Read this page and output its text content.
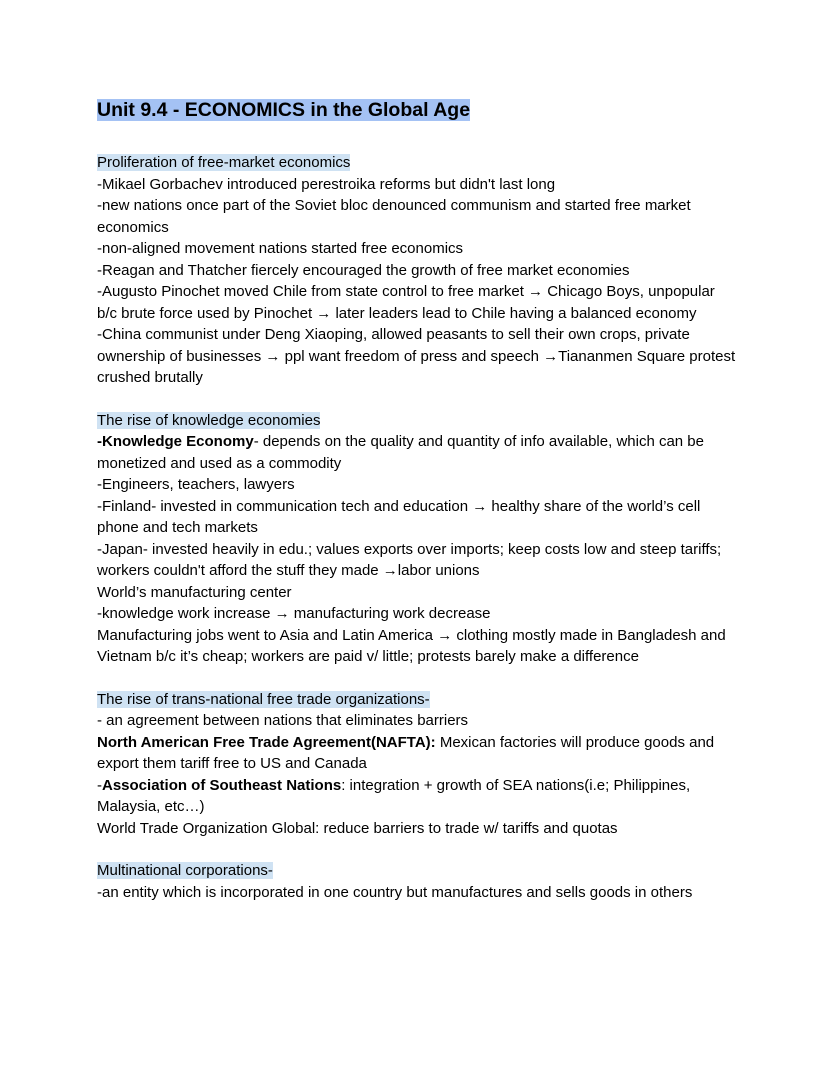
Unit 9.4 - ECONOMICS in the Global Age
Proliferation of free-market economics
-Mikael Gorbachev introduced perestroika reforms but didn't last long
-new nations once part of the Soviet bloc denounced communism and started free market economics
-non-aligned movement nations started free economics
-Reagan and Thatcher fiercely encouraged the growth of free market economies
-Augusto Pinochet moved Chile from state control to free market → Chicago Boys, unpopular b/c brute force used by Pinochet → later leaders lead to Chile having a balanced economy
-China communist under Deng Xiaoping, allowed peasants to sell their own crops, private ownership of businesses → ppl want freedom of press and speech →Tiananmen Square protest crushed brutally
The rise of knowledge economies
-Knowledge Economy- depends on the quality and quantity of info available, which can be monetized and used as a commodity
-Engineers, teachers, lawyers
-Finland- invested in communication tech and education → healthy share of the world’s cell phone and tech markets
-Japan- invested heavily in edu.; values exports over imports; keep costs low and steep tariffs; workers couldn't afford the stuff they made →labor unions
World’s manufacturing center
-knowledge work increase → manufacturing work decrease
Manufacturing jobs went to Asia and Latin America → clothing mostly made in Bangladesh and Vietnam b/c it’s cheap; workers are paid v/ little; protests barely make a difference
The rise of trans-national free trade organizations-
- an agreement between nations that eliminates barriers
North American Free Trade Agreement(NAFTA): Mexican factories will produce goods and export them tariff free to US and Canada
-Association of Southeast Nations: integration + growth of SEA nations(i.e; Philippines, Malaysia, etc…)
World Trade Organization Global: reduce barriers to trade w/ tariffs and quotas
Multinational corporations-
-an entity which is incorporated in one country but manufactures and sells goods in others
